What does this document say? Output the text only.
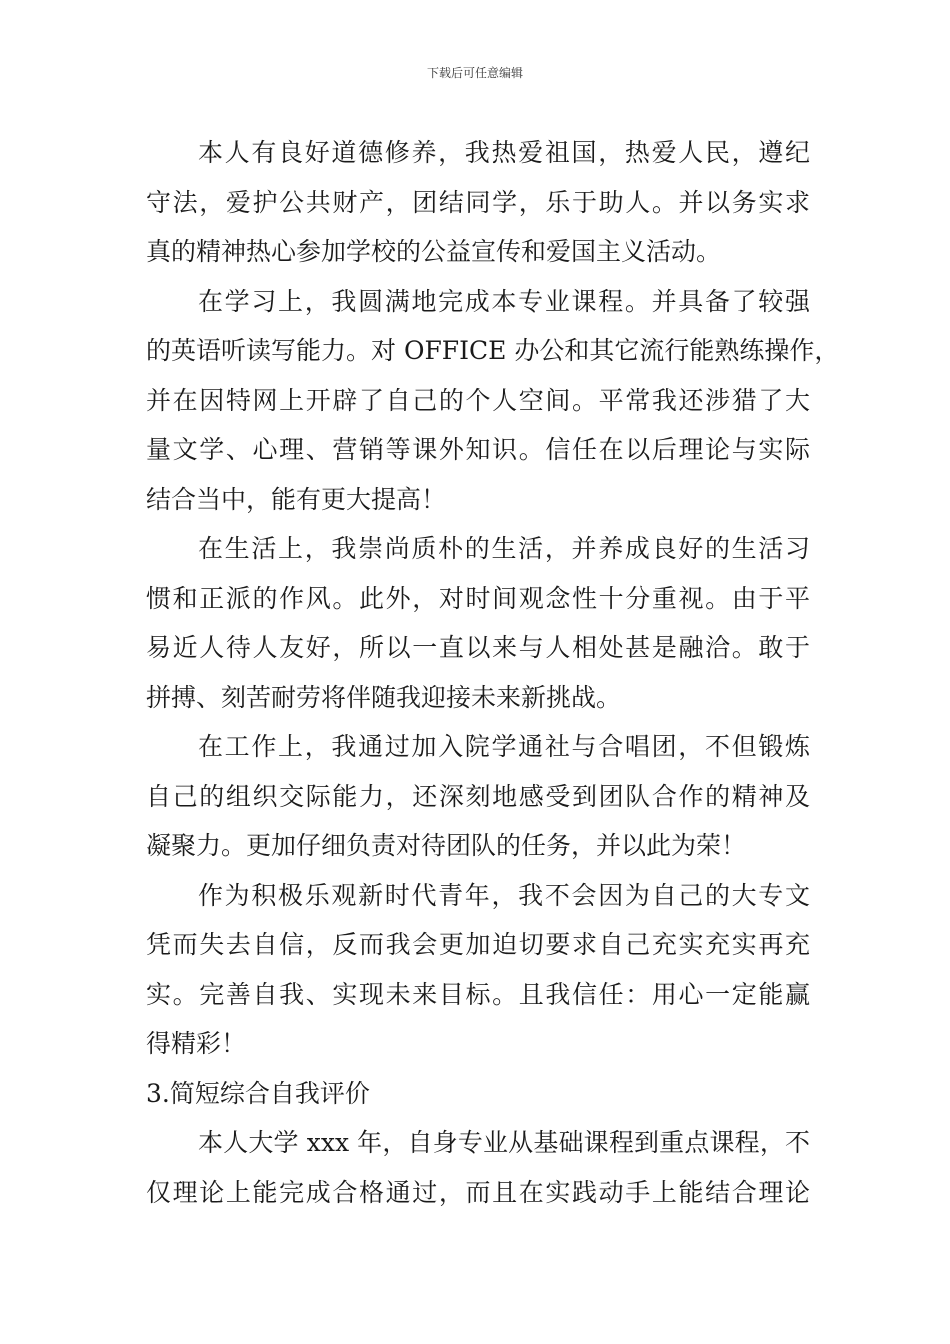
下载后可任意编辑
本人有良好道德修养，我热爱祖国，热爱人民，遵纪
守法，爱护公共财产，团结同学，乐于助人。并以务实求
真的精神热心参加学校的公益宣传和爱国主义活动。
在学习上，我圆满地完成本专业课程。并具备了较强
的英语听读写能力。对 OFFICE 办公和其它流行能熟练操作，
并在因特网上开辟了自己的个人空间。平常我还涉猎了大
量文学、心理、营销等课外知识。信任在以后理论与实际
结合当中，能有更大提高！
在生活上，我崇尚质朴的生活，并养成良好的生活习
惯和正派的作风。此外，对时间观念性十分重视。由于平
易近人待人友好，所以一直以来与人相处甚是融洽。敢于
拼搏、刻苦耐劳将伴随我迎接未来新挑战。
在工作上，我通过加入院学通社与合唱团，不但锻炼
自己的组织交际能力，还深刻地感受到团队合作的精神及
凝聚力。更加仔细负责对待团队的任务，并以此为荣！
作为积极乐观新时代青年，我不会因为自己的大专文
凭而失去自信，反而我会更加迫切要求自己充实充实再充
实。完善自我、实现未来目标。且我信任：用心一定能赢
得精彩！
3.简短综合自我评价
本人大学 xxx 年，自身专业从基础课程到重点课程，不
仅理论上能完成合格通过，而且在实践动手上能结合理论
